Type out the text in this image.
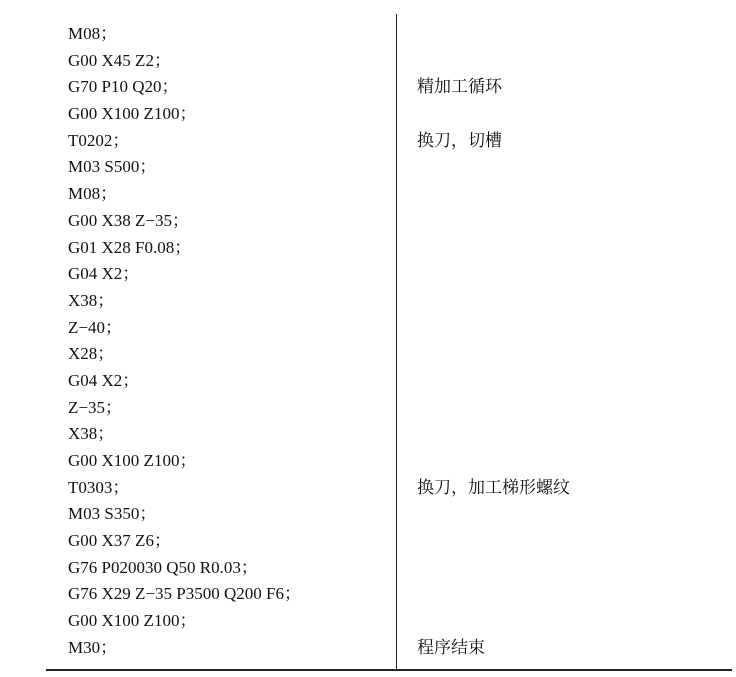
M08；
G00 X45 Z2；
G70 P10 Q20；	精加工循环
G00 X100 Z100；
T0202；	换刀，切槽
M03 S500；
M08；
G00 X38 Z−35；
G01 X28 F0.08；
G04 X2；
X38；
Z−40；
X28；
G04 X2；
Z−35；
X38；
G00 X100 Z100；
T0303；	换刀，加工梯形螺纹
M03 S350；
G00 X37 Z6；
G76 P020030 Q50 R0.03；
G76 X29 Z−35 P3500 Q200 F6；
G00 X100 Z100；
M30；	程序结束
